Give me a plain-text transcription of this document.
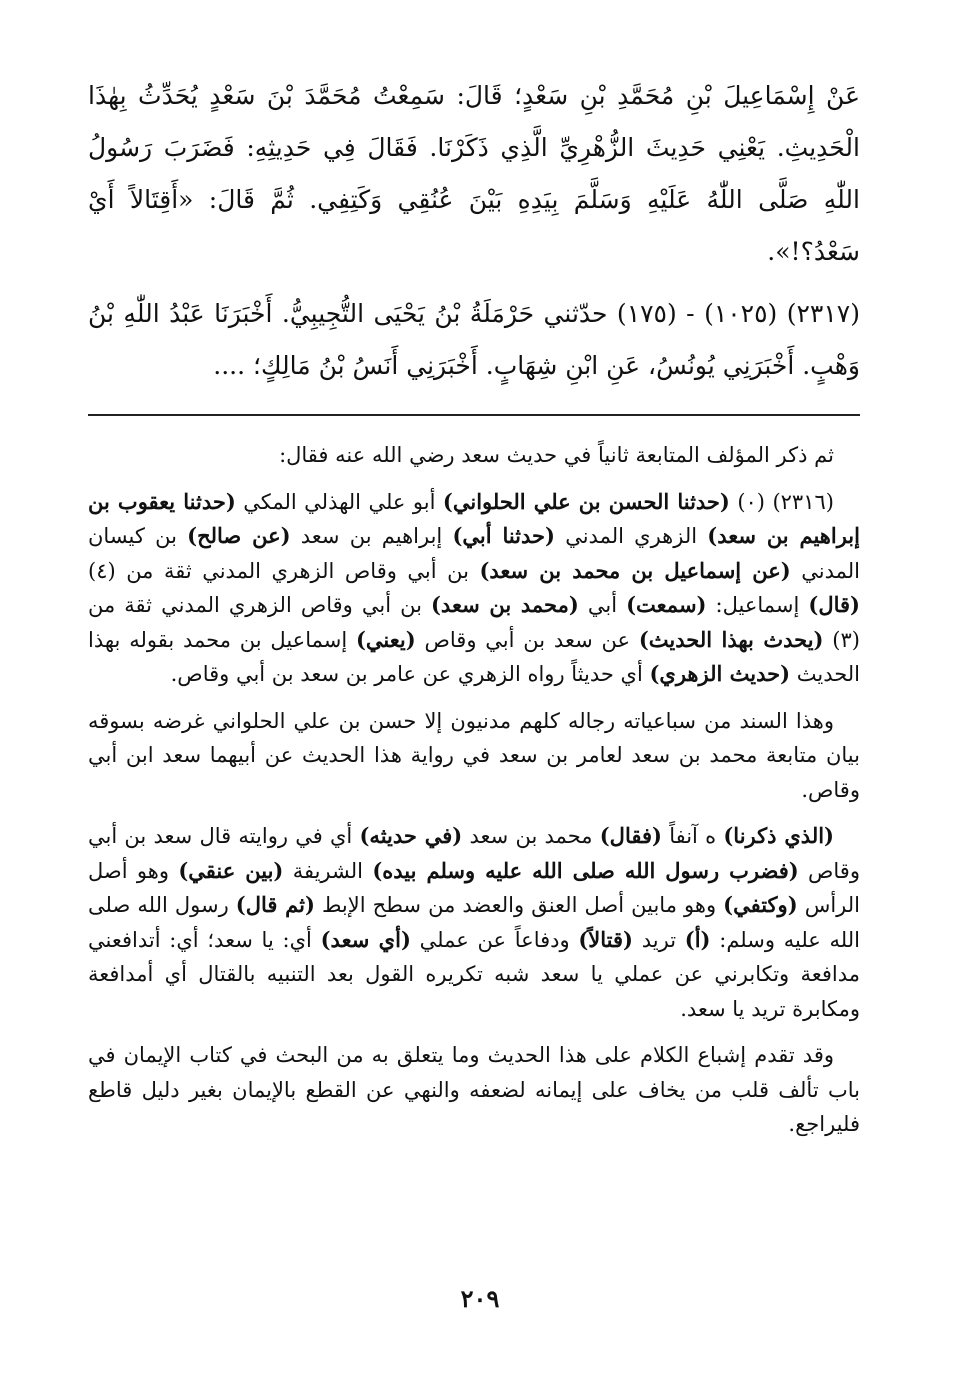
عَنْ إِسْمَاعِيلَ بْنِ مُحَمَّدِ بْنِ سَعْدٍ؛ قَالَ: سَمِعْتُ مُحَمَّدَ بْنَ سَعْدٍ يُحَدِّثُ بِهٰذَا الْحَدِيثِ. يَعْنِي حَدِيثَ الزُّهْرِيِّ الَّذِي ذَكَرْنَا. فَقَالَ فِي حَدِيثِهِ: فَضَرَبَ رَسُولُ اللّٰهِ صَلَّى اللّٰهُ عَلَيْهِ وَسَلَّمَ بِيَدِهِ بَيْنَ عُنُقِي وَكَتِفِي. ثُمَّ قَالَ: «أَقِتَالاً أَيْ سَعْدُ؟!».

(٢٣١٧) (١٠٢٥) - (١٧٥) حدّثني حَرْمَلَةُ بْنُ يَحْيَى التُّجِيبِيُّ. أَخْبَرَنَا عَبْدُ اللّٰهِ بْنُ وَهْبٍ. أَخْبَرَنِي يُونُسُ، عَنِ ابْنِ شِهَابٍ. أَخْبَرَنِي أَنَسُ بْنُ مَالِكٍ؛ ....

ثم ذكر المؤلف المتابعة ثانياً في حديث سعد رضي الله عنه فقال:

(٢٣١٦) (٠) (حدثنا الحسن بن علي الحلواني) أبو علي الهذلي المكي (حدثنا يعقوب بن إبراهيم بن سعد) الزهري المدني (حدثنا أبي) إبراهيم بن سعد (عن صالح) بن كيسان المدني (عن إسماعيل بن محمد بن سعد) بن أبي وقاص الزهري المدني ثقة من (٤) (قال) إسماعيل: (سمعت) أبي (محمد بن سعد) بن أبي وقاص الزهري المدني ثقة من (٣) (يحدث بهذا الحديث) عن سعد بن أبي وقاص (يعني) إسماعيل بن محمد بقوله بهذا الحديث (حديث الزهري) أي حديثاً رواه الزهري عن عامر بن سعد بن أبي وقاص.

وهذا السند من سباعياته رجاله كلهم مدنيون إلا حسن بن علي الحلواني غرضه بسوقه بيان متابعة محمد بن سعد لعامر بن سعد في رواية هذا الحديث عن أبيهما سعد ابن أبي وقاص.

(الذي ذكرنا) ه آنفاً (فقال) محمد بن سعد (في حديثه) أي في روايته قال سعد بن أبي وقاص (فضرب رسول الله صلى الله عليه وسلم بيده) الشريفة (بين عنقي) وهو أصل الرأس (وكتفي) وهو مابين أصل العنق والعضد من سطح الإبط (ثم قال) رسول الله صلى الله عليه وسلم: (أ) تريد (قتالاً) ودفاعاً عن عملي (أي سعد) أي: يا سعد؛ أي: أتدافعني مدافعة وتكابرني عن عملي يا سعد شبه تكريره القول بعد التنبيه بالقتال أي أمدافعة ومكابرة تريد يا سعد.

وقد تقدم إشباع الكلام على هذا الحديث وما يتعلق به من البحث في كتاب الإيمان في باب تألف قلب من يخاف على إيمانه لضعفه والنهي عن القطع بالإيمان بغير دليل قاطع فليراجع.

٢٠٩
